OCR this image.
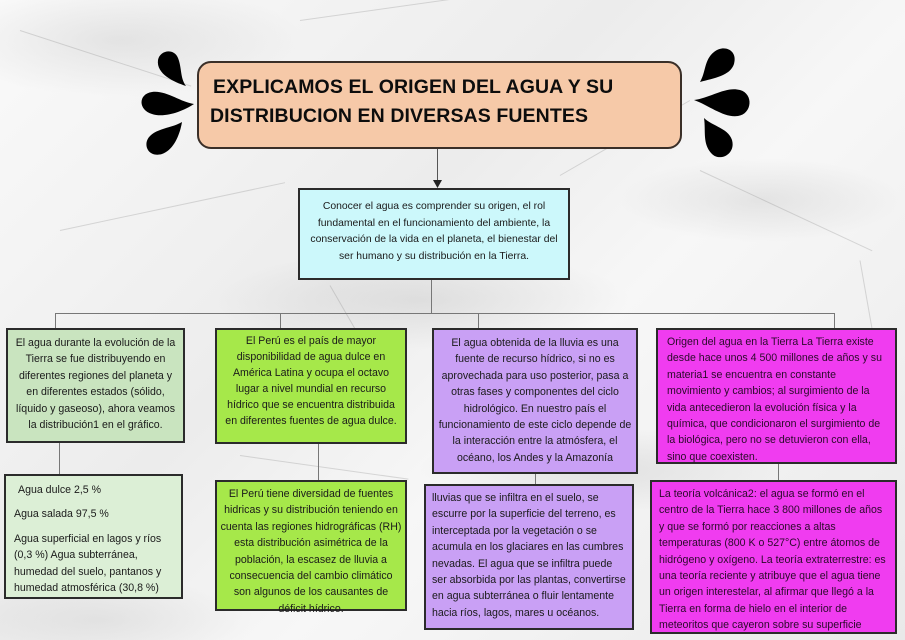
EXPLICAMOS EL ORIGEN DEL AGUA Y SU
DISTRIBUCION EN DIVERSAS FUENTES
Conocer el agua es comprender su origen, el rol fundamental en el funcionamiento del ambiente, la conservación de la vida en el planeta, el bienestar del ser humano y su distribución en la Tierra.
El agua durante la evolución de la Tierra se fue distribuyendo en diferentes regiones del planeta y en diferentes estados (sólido, líquido y gaseoso), ahora veamos la distribución1 en el gráfico.
Agua dulce 2,5 %
Agua salada 97,5 %
Agua superficial en lagos y ríos (0,3 %) Agua subterránea, humedad del suelo, pantanos y humedad atmosférica (30,8 %)
El Perú es el país de mayor disponibilidad de agua dulce en América Latina y ocupa el octavo lugar a nivel mundial en recurso hídrico que se encuentra distribuida en diferentes fuentes de agua dulce.
El Perú tiene diversidad de fuentes hidricas y su distribución teniendo en cuenta las regiones hidrográficas (RH) esta distribución asimétrica de la población, la escasez de lluvia a consecuencia del cambio climático son algunos de los causantes de déficit hídrico.
El agua obtenida de la lluvia es una fuente de recurso hídrico, si no es aprovechada para uso posterior, pasa a otras fases y componentes del ciclo hidrológico. En nuestro país el funcionamiento de este ciclo depende de la interacción entre la atmósfera, el océano, los Andes y la Amazonía
lluvias que se infiltra en el suelo, se escurre por la superficie del terreno, es interceptada por la vegetación o se acumula en los glaciares en las cumbres nevadas. El agua que se infiltra puede ser absorbida por las plantas, convertirse en agua subterránea o fluir lentamente hacia ríos, lagos, mares u océanos.
Origen del agua en la Tierra La Tierra existe desde hace unos 4 500 millones de años y su materia1 se encuentra en constante movimiento y cambios; al surgimiento de la vida antecedieron la evolución física y la química, que condicionaron el surgimiento de la biológica, pero no se detuvieron con ella, sino que coexisten.
La teoría volcánica2: el agua se formó en el centro de la Tierra hace 3 800 millones de años y que se formó por reacciones a altas temperaturas (800 K o 527°C) entre átomos de hidrógeno y oxígeno. La teoría extraterrestre: es una teoría reciente y atribuye que el agua tiene un origen interestelar, al afirmar que llegó a la Tierra en forma de hielo en el interior de meteoritos que cayeron sobre su superficie
